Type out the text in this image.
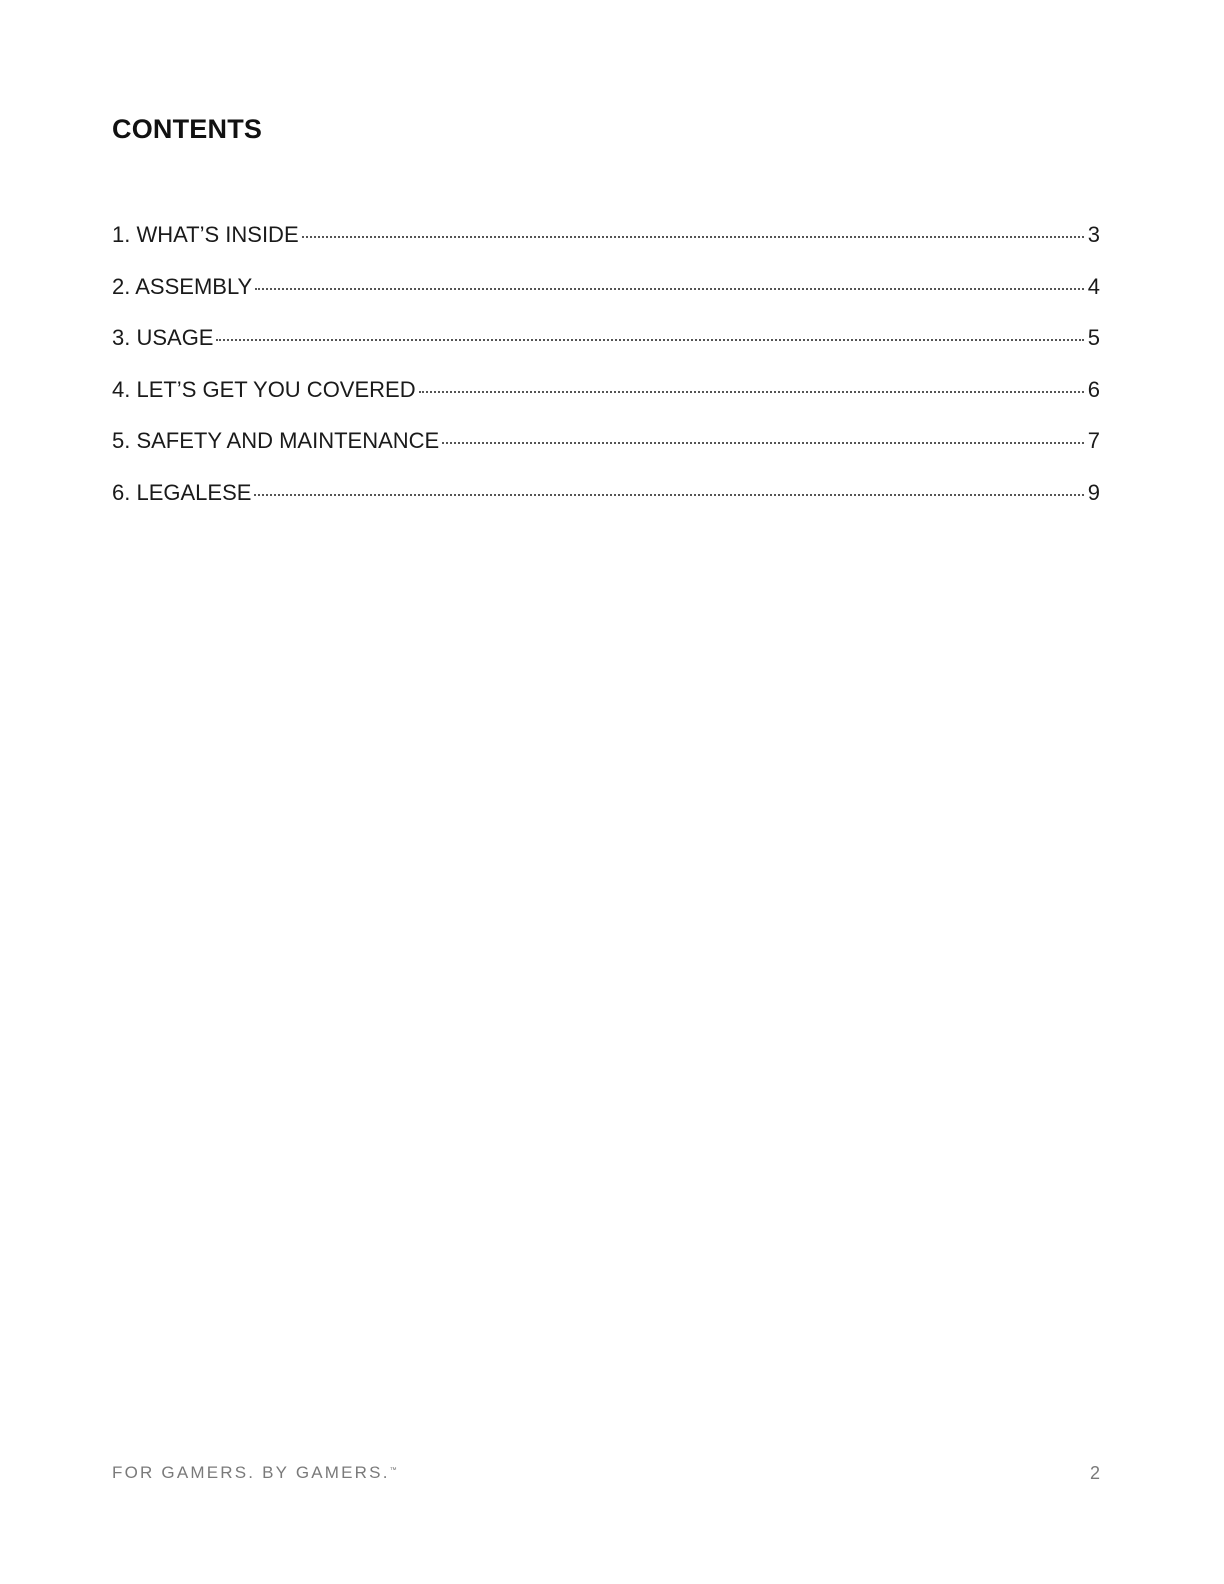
CONTENTS
1. WHAT’S INSIDE	3
2. ASSEMBLY	4
3. USAGE	5
4. LET’S GET YOU COVERED	6
5. SAFETY AND MAINTENANCE	7
6. LEGALESE	9
FOR GAMERS. BY GAMERS.™	2
